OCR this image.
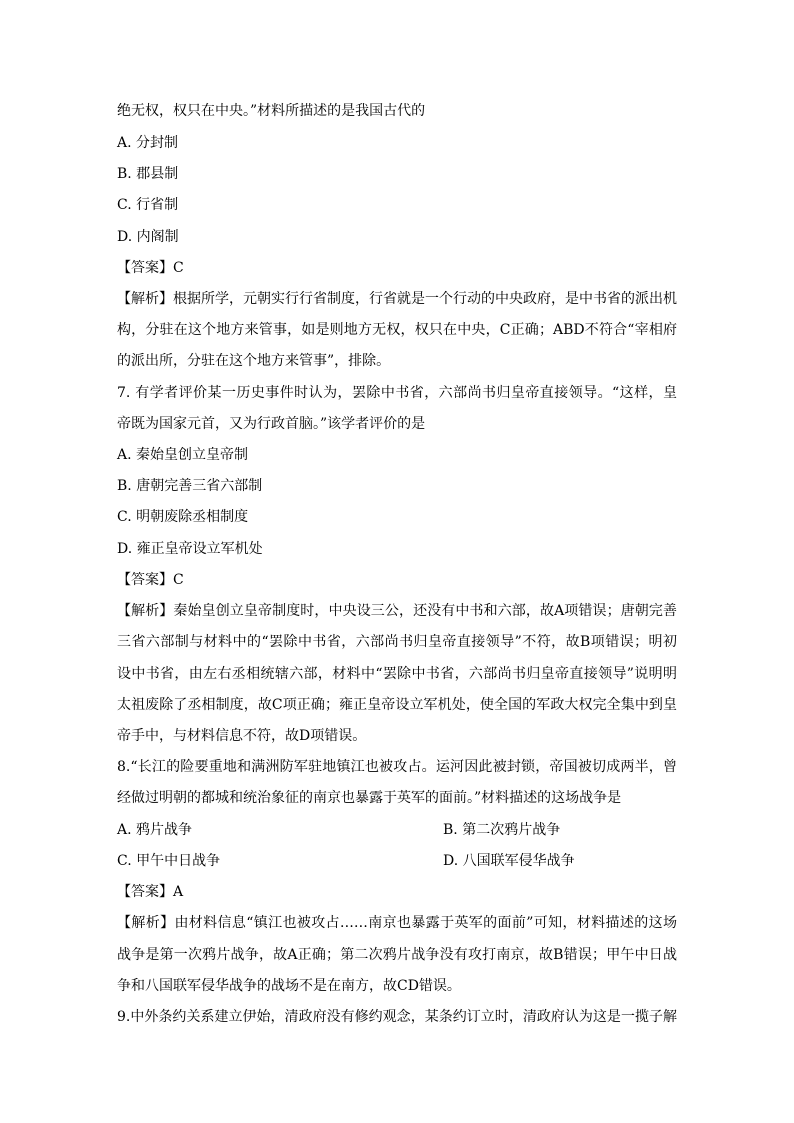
绝无权，权只在中央。”材料所描述的是我国古代的
A. 分封制
B. 郡县制
C. 行省制
D. 内阁制
【答案】C
【解析】根据所学，元朝实行行省制度，行省就是一个行动的中央政府，是中书省的派出机
构，分驻在这个地方来管事，如是则地方无权，权只在中央，C正确；ABD不符合“宰相府
的派出所，分驻在这个地方来管事”，排除。
7. 有学者评价某一历史事件时认为，罢除中书省，六部尚书归皇帝直接领导。“这样，皇
帝既为国家元首，又为行政首脑。”该学者评价的是
A. 秦始皇创立皇帝制
B. 唐朝完善三省六部制
C. 明朝废除丞相制度
D. 雍正皇帝设立军机处
【答案】C
【解析】秦始皇创立皇帝制度时，中央设三公，还没有中书和六部，故A项错误；唐朝完善
三省六部制与材料中的“罢除中书省，六部尚书归皇帝直接领导”不符，故B项错误；明初
设中书省，由左右丞相统辖六部，材料中“罢除中书省，六部尚书归皇帝直接领导”说明明
太祖废除了丞相制度，故C项正确；雍正皇帝设立军机处，使全国的军政大权完全集中到皇
帝手中，与材料信息不符，故D项错误。
8.“长江的险要重地和满洲防军驻地镇江也被攻占。运河因此被封锁，帝国被切成两半，曾
经做过明朝的都城和统治象征的南京也暴露于英军的面前。”材料描述的这场战争是
A. 鸦片战争	B. 第二次鸦片战争
C. 甲午中日战争	D. 八国联军侵华战争
【答案】A
【解析】由材料信息“镇江也被攻占……南京也暴露于英军的面前”可知，材料描述的这场
战争是第一次鸦片战争，故A正确；第二次鸦片战争没有攻打南京，故B错误；甲午中日战
争和八国联军侵华战争的战场不是在南方，故CD错误。
9.中外条约关系建立伊始，清政府没有修约观念，某条约订立时，清政府认为这是一揽子解
